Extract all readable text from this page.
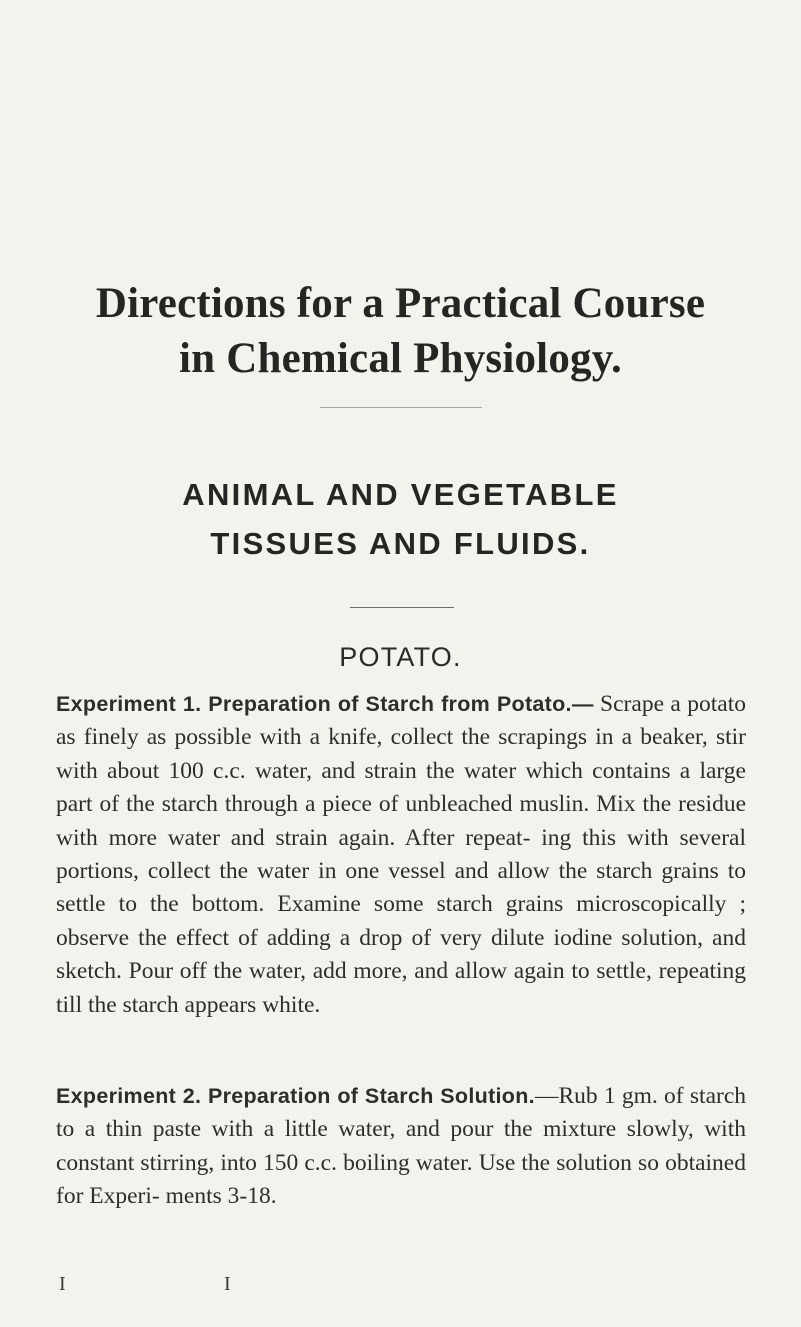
Directions for a Practical Course
in Chemical Physiology.
ANIMAL AND VEGETABLE
TISSUES AND FLUIDS.
POTATO.

Experiment 1. Preparation of Starch from Potato.— Scrape a potato as finely as possible with a knife, collect the scrapings in a beaker, stir with about 100 c.c. water, and strain the water which contains a large part of the starch through a piece of unbleached muslin. Mix the residue with more water and strain again. After repeat- ing this with several portions, collect the water in one vessel and allow the starch grains to settle to the bottom. Examine some starch grains microscopically ; observe the effect of adding a drop of very dilute iodine solution, and sketch. Pour off the water, add more, and allow again to settle, repeating till the starch appears white.

Experiment 2. Preparation of Starch Solution.—Rub 1 gm. of starch to a thin paste with a little water, and pour the mixture slowly, with constant stirring, into 150 c.c. boiling water. Use the solution so obtained for Experi- ments 3-18.

I	I
